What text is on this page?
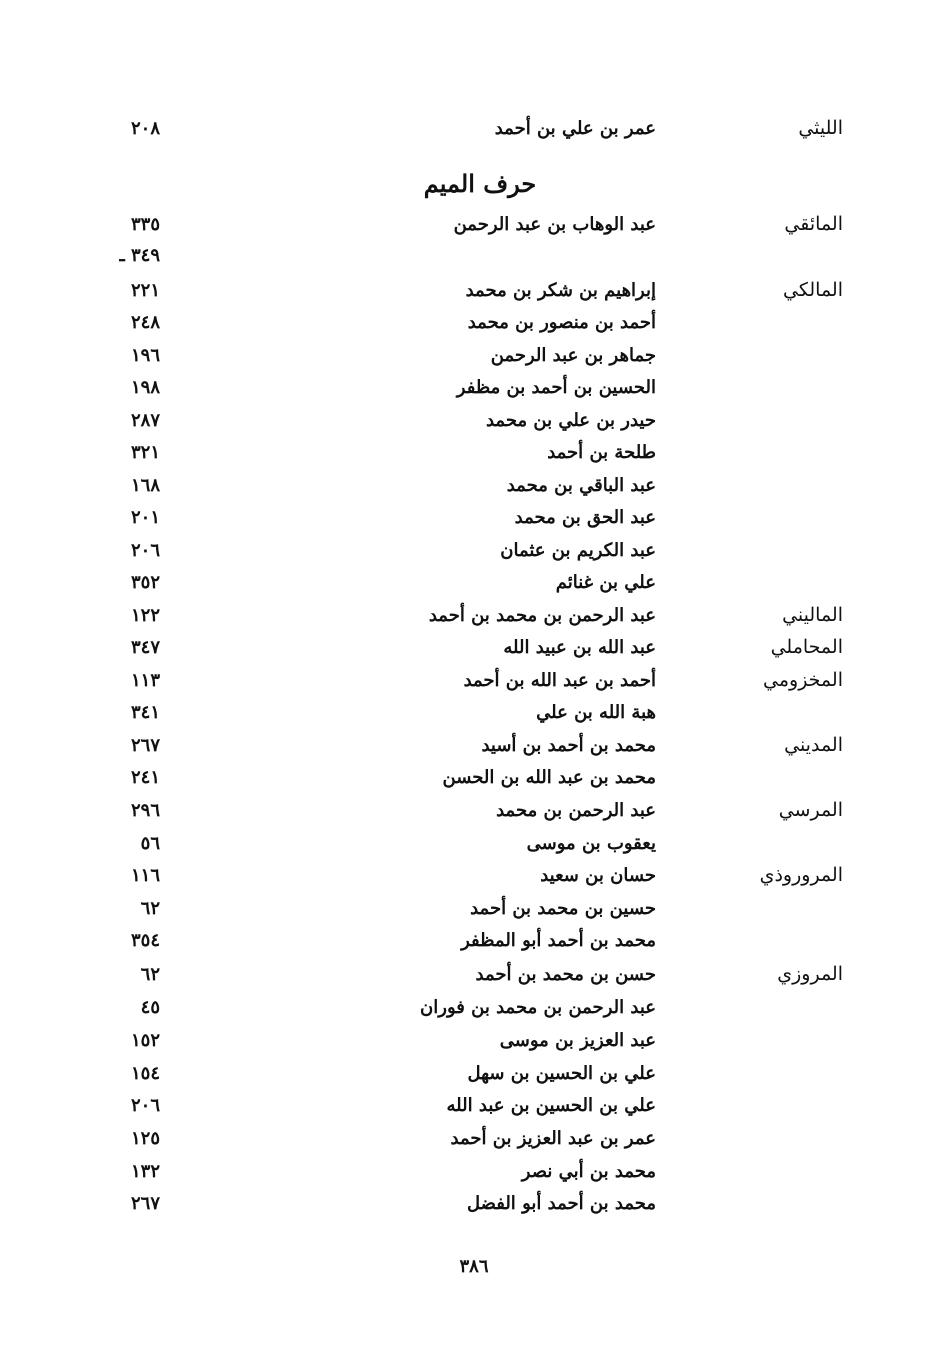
الليثي
عمر بن علي بن أحمد
٢٠٨
حرف الميم
المائقي
عبد الوهاب بن عبد الرحمن
٣٣٥
٣٤٩ ـ
المالكي
إبراهيم بن شكر بن محمد
٢٢١
أحمد بن منصور بن محمد
٢٤٨
جماهر بن عبد الرحمن
١٩٦
الحسين بن أحمد بن مظفر
١٩٨
حيدر بن علي بن محمد
٢٨٧
طلحة بن أحمد
٣٢١
عبد الباقي بن محمد
١٦٨
عبد الحق بن محمد
٢٠١
عبد الكريم بن عثمان
٢٠٦
علي بن غنائم
٣٥٢
الماليني
عبد الرحمن بن محمد بن أحمد
١٢٢
المحاملي
عبد الله بن عبيد الله
٣٤٧
المخزومي
أحمد بن عبد الله بن أحمد
١١٣
هبة الله بن علي
٣٤١
المديني
محمد بن أحمد بن أسيد
٢٦٧
محمد بن عبد الله بن الحسن
٢٤١
المرسي
عبد الرحمن بن محمد
٢٩٦
يعقوب بن موسى
٥٦
المروروذي
حسان بن سعيد
١١٦
حسين بن محمد بن أحمد
٦٢
محمد بن أحمد أبو المظفر
٣٥٤
المروزي
حسن بن محمد بن أحمد
٦٢
عبد الرحمن بن محمد بن فوران
٤٥
عبد العزيز بن موسى
١٥٢
علي بن الحسين بن سهل
١٥٤
علي بن الحسين بن عبد الله
٢٠٦
عمر بن عبد العزيز بن أحمد
١٢٥
محمد بن أبي نصر
١٣٢
محمد بن أحمد أبو الفضل
٢٦٧
٣٨٦
